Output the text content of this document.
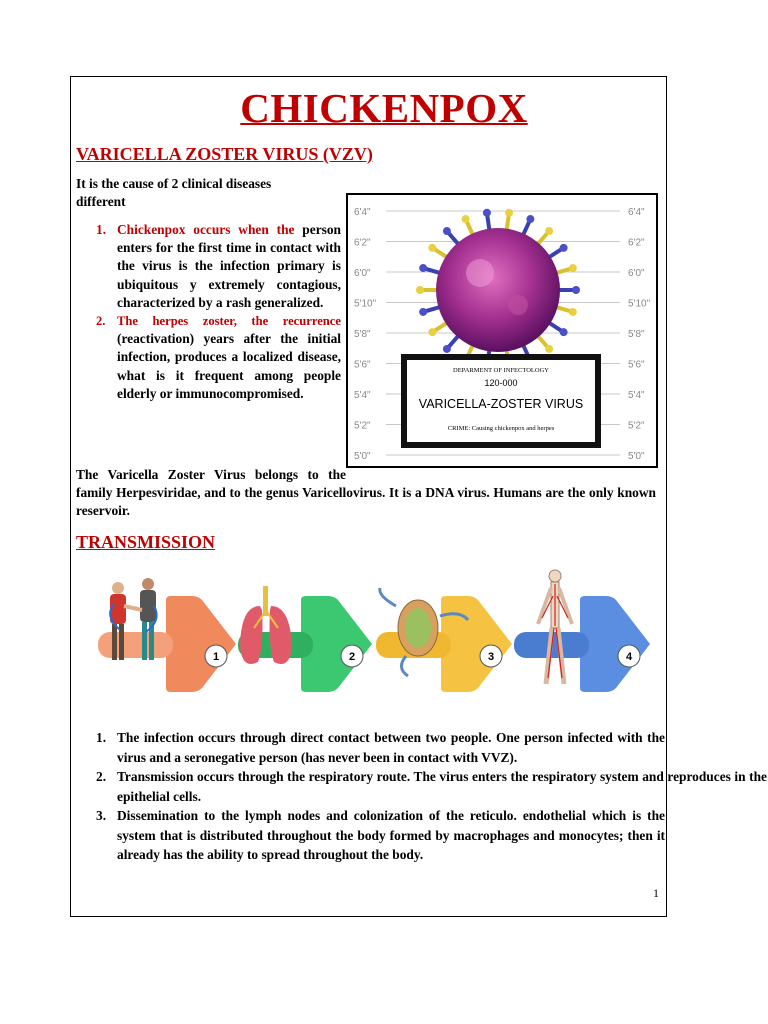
CHICKENPOX
VARICELLA ZOSTER VIRUS (VZV)
It is the cause of 2 clinical diseases different
1. Chickenpox occurs when the person enters for the first time in contact with the virus is the infection primary is ubiquitous y extremely contagious, characterized by a rash generalized.
2. The herpes zoster, the recurrence (reactivation) years after the initial infection, produces a localized disease, what is it frequent among people elderly or immunocompromised.
6'4"	6'4"
6'2"	6'2"
6'0"	6'0"
5'10"	5'10"
5'8"	5'8"
5'6"	5'6"
5'4"	5'4"
5'2"	5'2"
5'0"	5'0"
DEPARMENT OF INFECTOLOGY
120-000
VARICELLA-ZOSTER VIRUS
CRIME: Causing chickenpox and herpes
The Varicella Zoster Virus belongs to the
family Herpesviridae, and to the genus Varicellovirus. It is a DNA virus. Humans are the only known reservoir.
TRANSMISSION
1	2	3	4
1. The infection occurs through direct contact between two people. One person infected with the virus and a seronegative person (has never been in contact with VVZ).
2. Transmission occurs through the respiratory route. The virus enters the respiratory system and reproduces in the epithelial cells.
3. Dissemination to the lymph nodes and colonization of the reticulo. endothelial which is the system that is distributed throughout the body formed by macrophages and monocytes; then it already has the ability to spread throughout the body.
1
